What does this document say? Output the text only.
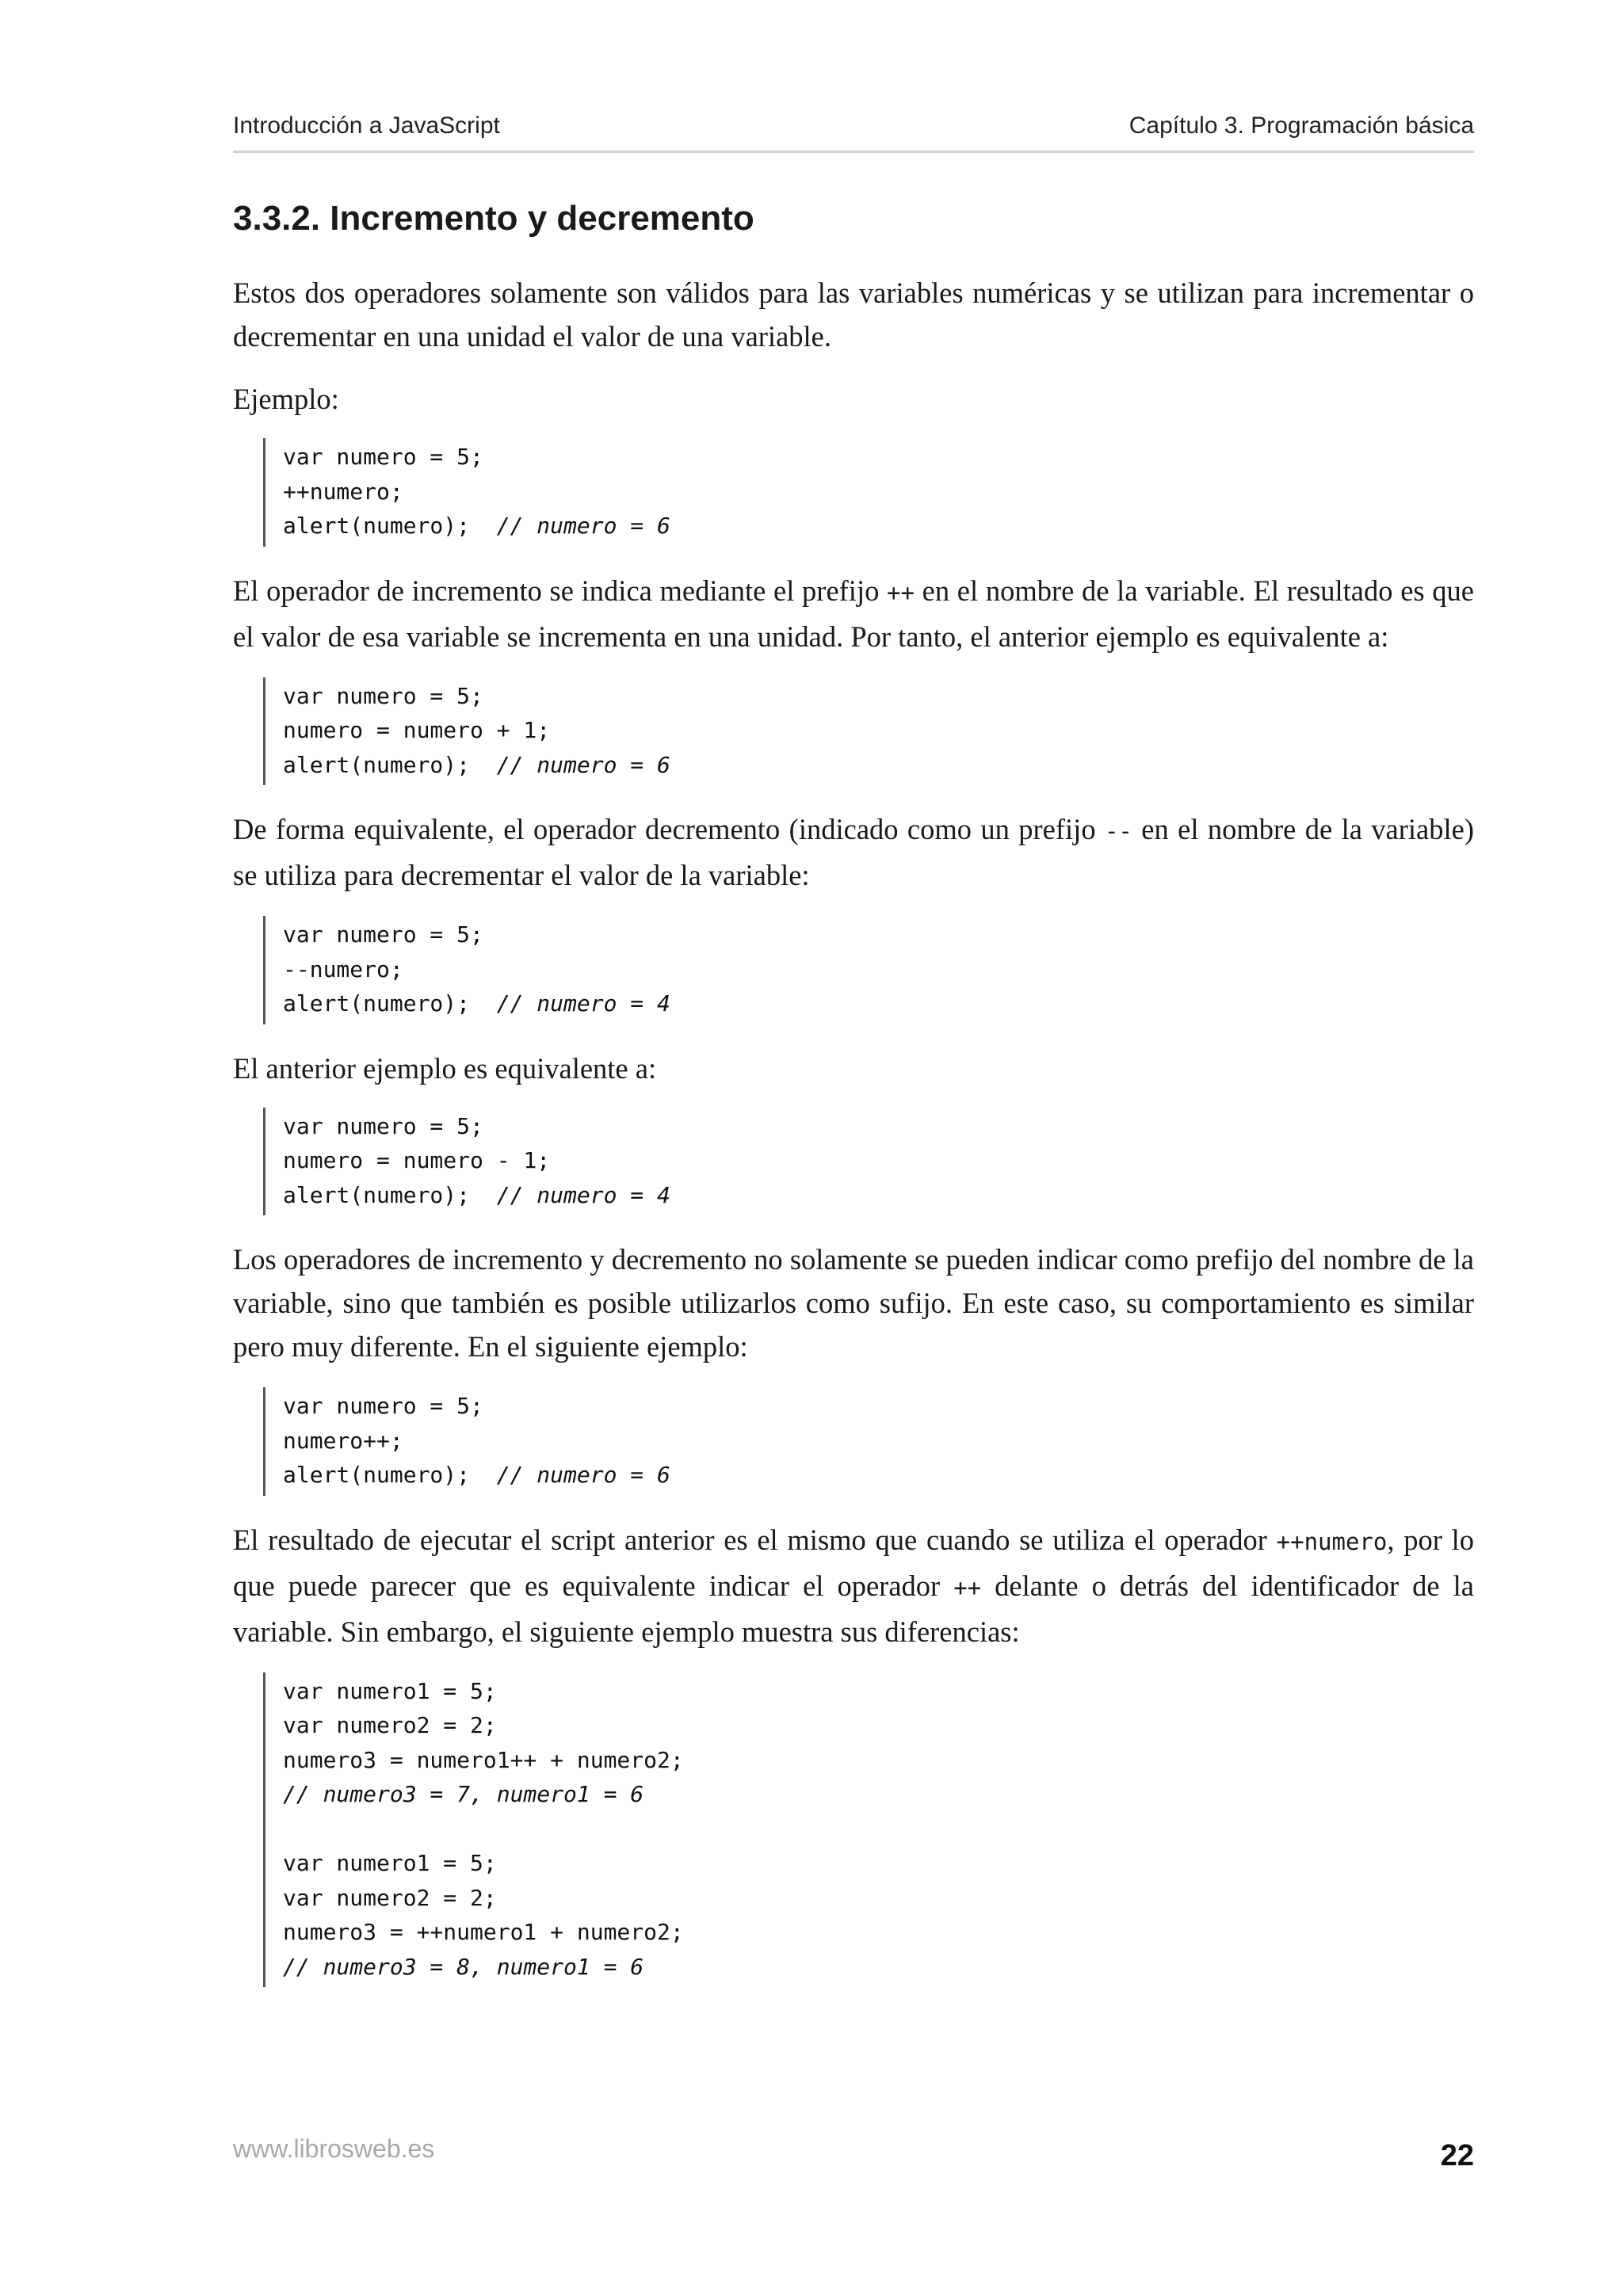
Introducción a JavaScript	Capítulo 3. Programación básica
3.3.2. Incremento y decremento

Estos dos operadores solamente son válidos para las variables numéricas y se utilizan para incrementar o decrementar en una unidad el valor de una variable.

Ejemplo:

var numero = 5;
++numero;
alert(numero);  // numero = 6

El operador de incremento se indica mediante el prefijo ++ en el nombre de la variable. El resultado es que el valor de esa variable se incrementa en una unidad. Por tanto, el anterior ejemplo es equivalente a:

var numero = 5;
numero = numero + 1;
alert(numero);  // numero = 6

De forma equivalente, el operador decremento (indicado como un prefijo -- en el nombre de la variable) se utiliza para decrementar el valor de la variable:

var numero = 5;
--numero;
alert(numero);  // numero = 4

El anterior ejemplo es equivalente a:

var numero = 5;
numero = numero - 1;
alert(numero);  // numero = 4

Los operadores de incremento y decremento no solamente se pueden indicar como prefijo del nombre de la variable, sino que también es posible utilizarlos como sufijo. En este caso, su comportamiento es similar pero muy diferente. En el siguiente ejemplo:

var numero = 5;
numero++;
alert(numero);  // numero = 6

El resultado de ejecutar el script anterior es el mismo que cuando se utiliza el operador ++numero, por lo que puede parecer que es equivalente indicar el operador ++ delante o detrás del identificador de la variable. Sin embargo, el siguiente ejemplo muestra sus diferencias:

var numero1 = 5;
var numero2 = 2;
numero3 = numero1++ + numero2;
// numero3 = 7, numero1 = 6
var numero1 = 5;
var numero2 = 2;
numero3 = ++numero1 + numero2;
// numero3 = 8, numero1 = 6
www.librosweb.es	22
